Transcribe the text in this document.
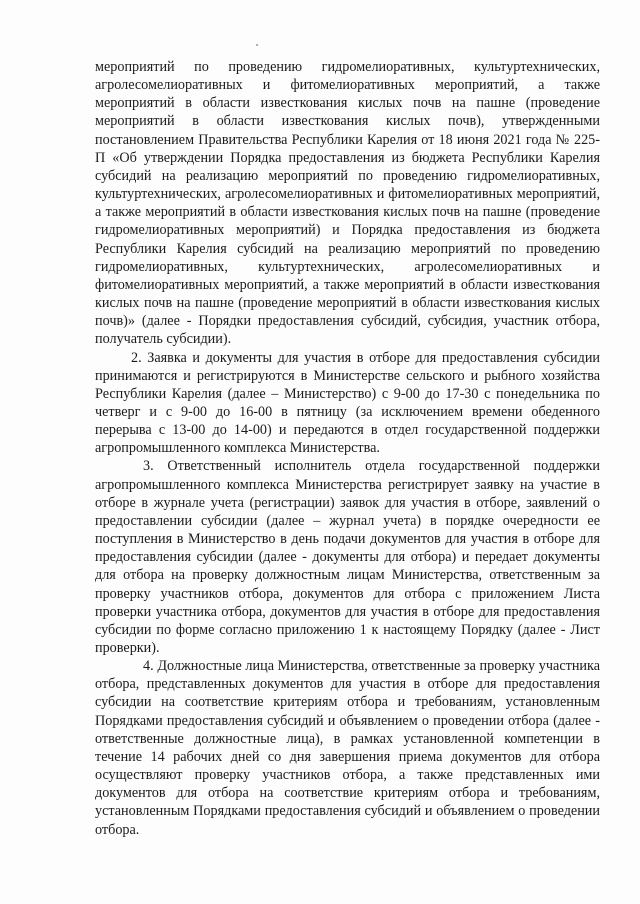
мероприятий по проведению гидромелиоративных, культуртехнических, агролесомелиоративных и фитомелиоративных мероприятий, а также мероприятий в области известкования кислых почв на пашне (проведение мероприятий в области известкования кислых почв), утвержденными постановлением Правительства Республики Карелия от 18 июня 2021 года № 225-П «Об утверждении Порядка предоставления из бюджета Республики Карелия субсидий на реализацию мероприятий по проведению гидромелиоративных, культуртехнических, агролесомелиоративных и фитомелиоративных мероприятий, а также мероприятий в области известкования кислых почв на пашне (проведение гидромелиоративных мероприятий) и Порядка предоставления из бюджета Республики Карелия субсидий на реализацию мероприятий по проведению гидромелиоративных, культуртехнических, агролесомелиоративных и фитомелиоративных мероприятий, а также мероприятий в области известкования кислых почв на пашне (проведение мероприятий в области известкования кислых почв)» (далее - Порядки предоставления субсидий, субсидия, участник отбора, получатель субсидии).

2. Заявка и документы для участия в отборе для предоставления субсидии принимаются и регистрируются в Министерстве сельского и рыбного хозяйства Республики Карелия (далее – Министерство) с 9-00 до 17-30 с понедельника по четверг и с 9-00 до 16-00 в пятницу (за исключением времени обеденного перерыва с 13-00 до 14-00) и передаются в отдел государственной поддержки агропромышленного комплекса Министерства.

3. Ответственный исполнитель отдела государственной поддержки агропромышленного комплекса Министерства регистрирует заявку на участие в отборе в журнале учета (регистрации) заявок для участия в отборе, заявлений о предоставлении субсидии (далее – журнал учета) в порядке очередности ее поступления в Министерство в день подачи документов для участия в отборе для предоставления субсидии (далее - документы для отбора) и передает документы для отбора на проверку должностным лицам Министерства, ответственным за проверку участников отбора, документов для отбора с приложением Листа проверки участника отбора, документов для участия в отборе для предоставления субсидии по форме согласно приложению 1 к настоящему Порядку (далее - Лист проверки).

4. Должностные лица Министерства, ответственные за проверку участника отбора, представленных документов для участия в отборе для предоставления субсидии на соответствие критериям отбора и требованиям, установленным Порядками предоставления субсидий и объявлением о проведении отбора (далее - ответственные должностные лица), в рамках установленной компетенции в течение 14 рабочих дней со дня завершения приема документов для отбора осуществляют проверку участников отбора, а также представленных ими документов для отбора на соответствие критериям отбора и требованиям, установленным Порядками предоставления субсидий и объявлением о проведении отбора.
